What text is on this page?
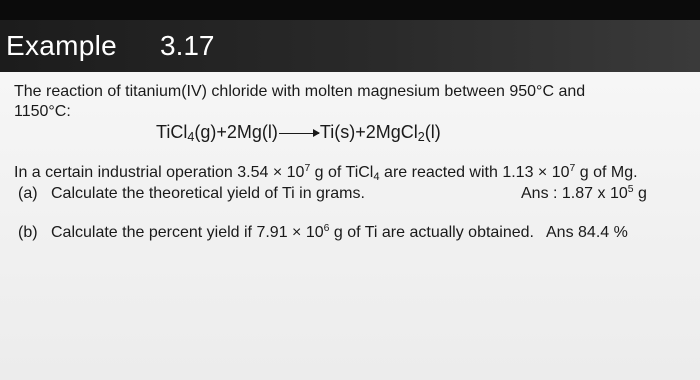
Example 3.17
The reaction of titanium(IV) chloride with molten magnesium between 950°C and
1150°C:
TiCl$_4$(g)+2Mg(l)→Ti(s)+2MgCl$_2$(l)
In a certain industrial operation $3.54 \times 10^7$ g of TiCl$_4$ are reacted with $1.13 \times 10^7$ g of Mg.
(a) Calculate the theoretical yield of Ti in grams.	Ans : 1.87 x $10^5$ g
(b) Calculate the percent yield if $7.91 \times 10^6$ g of Ti are actually obtained. Ans 84.4 %
